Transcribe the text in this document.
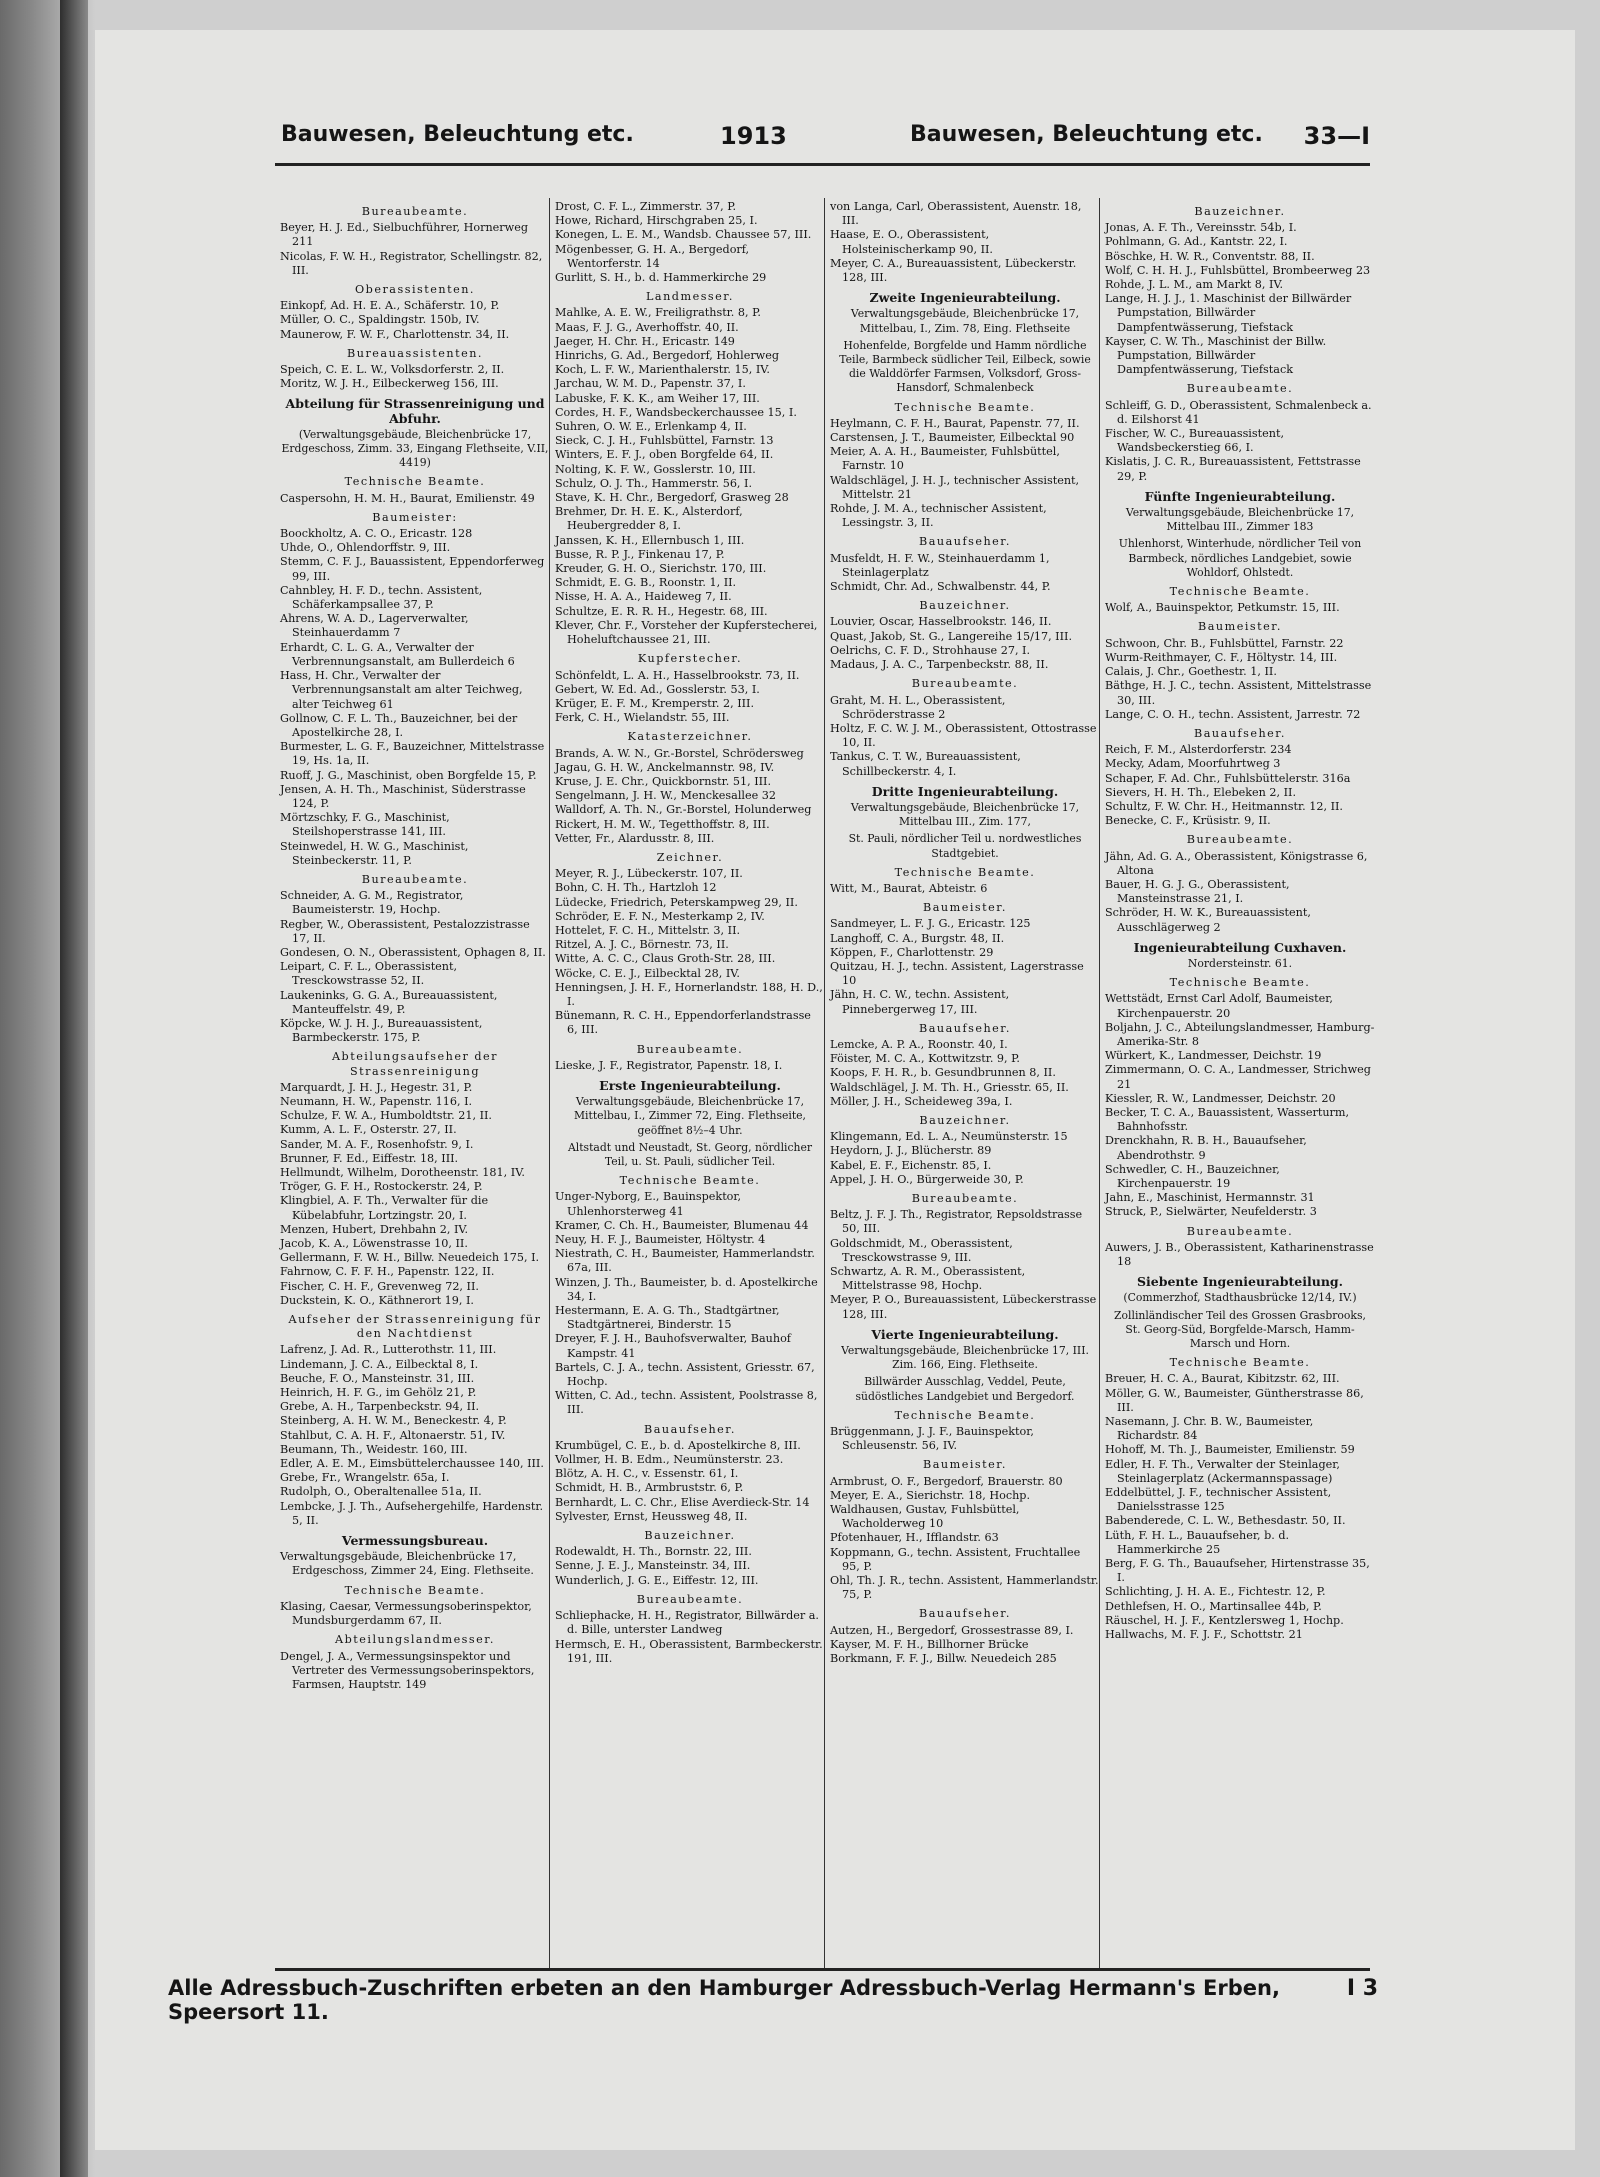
Bauwesen, Beleuchtung etc.	1913	Bauwesen, Beleuchtung etc. 33—I

Bureaubeamte.

Beyer, H. J. Ed., Sielbuchführer, Hornerweg 211

Nicolas, F. W. H., Registrator, Schellingstr. 82, III.

Oberassistenten.

Einkopf, Ad. H. E. A., Schäferstr. 10, P.

Müller, O. C., Spaldingstr. 150b, IV.

Maunerow, F. W. F., Charlottenstr. 34, II.

Bureauassistenten.

Speich, C. E. L. W., Volksdorferstr. 2, II.

Moritz, W. J. H., Eilbeckerweg 156, III.

Abteilung für Strassenreinigung und Abfuhr.

(Verwaltungsgebäude, Bleichenbrücke 17, Erdgeschoss, Zimm. 33, Eingang Flethseite, V.II, 4419)

Technische Beamte.

Caspersohn, H. M. H., Baurat, Emilienstr. 49

Baumeister:

Boockholtz, A. C. O., Ericastr. 128

Uhde, O., Ohlendorffstr. 9, III.

Stemm, C. F. J., Bauassistent, Eppendorferweg 99, III.

Cahnbley, H. F. D., techn. Assistent, Schäferkampsallee 37, P.

Ahrens, W. A. D., Lagerverwalter, Steinhauerdamm 7

Erhardt, C. L. G. A., Verwalter der Verbrennungsanstalt, am Bullerdeich 6

Hass, H. Chr., Verwalter der Verbrennungsanstalt am alter Teichweg, alter Teichweg 61

Gollnow, C. F. L. Th., Bauzeichner, bei der Apostelkirche 28, I.

Burmester, L. G. F., Bauzeichner, Mittelstrasse 19, Hs. 1a, II.

Ruoff, J. G., Maschinist, oben Borgfelde 15, P.

Jensen, A. H. Th., Maschinist, Süderstrasse 124, P.

Mörtzschky, F. G., Maschinist, Steilshoperstrasse 141, III.

Steinwedel, H. W. G., Maschinist, Steinbeckerstr. 11, P.

Bureaubeamte.

Schneider, A. G. M., Registrator, Baumeisterstr. 19, Hochp.

Regber, W., Oberassistent, Pestalozzistrasse 17, II.

Gondesen, O. N., Oberassistent, Ophagen 8, II.

Leipart, C. F. L., Oberassistent, Tresckowstrasse 52, II.

Laukeninks, G. G. A., Bureauassistent, Manteuffelstr. 49, P.

Köpcke, W. J. H. J., Bureauassistent, Barmbeckerstr. 175, P.

Abteilungsaufseher der Strassenreinigung

Marquardt, J. H. J., Hegestr. 31, P.

Neumann, H. W., Papenstr. 116, I.

Schulze, F. W. A., Humboldtstr. 21, II.

Kumm, A. L. F., Osterstr. 27, II.

Sander, M. A. F., Rosenhofstr. 9, I.

Brunner, F. Ed., Eiffestr. 18, III.

Hellmundt, Wilhelm, Dorotheenstr. 181, IV.

Tröger, G. F. H., Rostockerstr. 24, P.

Klingbiel, A. F. Th., Verwalter für die Kübelabfuhr, Lortzingstr. 20, I.

Menzen, Hubert, Drehbahn 2, IV.

Jacob, K. A., Löwenstrasse 10, II.

Gellermann, F. W. H., Billw. Neuedeich 175, I.

Fahrnow, C. F. F. H., Papenstr. 122, II.

Fischer, C. H. F., Grevenweg 72, II.

Duckstein, K. O., Käthnerort 19, I.

Aufseher der Strassenreinigung für den Nachtdienst

Lafrenz, J. Ad. R., Lutterothstr. 11, III.

Lindemann, J. C. A., Eilbecktal 8, I.

Beuche, F. O., Mansteinstr. 31, III.

Heinrich, H. F. G., im Gehölz 21, P.

Grebe, A. H., Tarpenbeckstr. 94, II.

Steinberg, A. H. W. M., Beneckestr. 4, P.

Stahlbut, C. A. H. F., Altonaerstr. 51, IV.

Beumann, Th., Weidestr. 160, III.

Edler, A. E. M., Eimsbüttelerchaussee 140, III.

Grebe, Fr., Wrangelstr. 65a, I.

Rudolph, O., Oberaltenallee 51a, II.

Lembcke, J. J. Th., Aufsehergehilfe, Hardenstr. 5, II.

Vermessungsbureau.

Verwaltungsgebäude, Bleichenbrücke 17, Erdgeschoss, Zimmer 24, Eing. Flethseite.

Technische Beamte.

Klasing, Caesar, Vermessungsoberinspektor, Mundsburgerdamm 67, II.

Abteilungslandmesser.

Dengel, J. A., Vermessungsinspektor und Vertreter des Vermessungsoberinspektors, Farmsen, Hauptstr. 149

Drost, C. F. L., Zimmerstr. 37, P.

Howe, Richard, Hirschgraben 25, I.

Konegen, L. E. M., Wandsb. Chaussee 57, III.

Mögenbesser, G. H. A., Bergedorf, Wentorferstr. 14

Gurlitt, S. H., b. d. Hammerkirche 29

Landmesser.

Mahlke, A. E. W., Freiligrathstr. 8, P.

Maas, F. J. G., Averhoffstr. 40, II.

Jaeger, H. Chr. H., Ericastr. 149

Hinrichs, G. Ad., Bergedorf, Hohlerweg

Koch, L. F. W., Marienthalerstr. 15, IV.

Jarchau, W. M. D., Papenstr. 37, I.

Labuske, F. K. K., am Weiher 17, III.

Cordes, H. F., Wandsbeckerchaussee 15, I.

Suhren, O. W. E., Erlenkamp 4, II.

Sieck, C. J. H., Fuhlsbüttel, Farnstr. 13

Winters, E. F. J., oben Borgfelde 64, II.

Nolting, K. F. W., Gosslerstr. 10, III.

Schulz, O. J. Th., Hammerstr. 56, I.

Stave, K. H. Chr., Bergedorf, Grasweg 28

Brehmer, Dr. H. E. K., Alsterdorf, Heubergredder 8, I.

Janssen, K. H., Ellernbusch 1, III.

Busse, R. P. J., Finkenau 17, P.

Kreuder, G. H. O., Sierichstr. 170, III.

Schmidt, E. G. B., Roonstr. 1, II.

Nisse, H. A. A., Haideweg 7, II.

Schultze, E. R. R. H., Hegestr. 68, III.

Klever, Chr. F., Vorsteher der Kupferstecherei, Hoheluftchaussee 21, III.

Kupferstecher.

Schönfeldt, L. A. H., Hasselbrookstr. 73, II.

Gebert, W. Ed. Ad., Gosslerstr. 53, I.

Krüger, E. F. M., Kremperstr. 2, III.

Ferk, C. H., Wielandstr. 55, III.

Katasterzeichner.

Brands, A. W. N., Gr.-Borstel, Schrödersweg

Jagau, G. H. W., Anckelmannstr. 98, IV.

Kruse, J. E. Chr., Quickbornstr. 51, III.

Sengelmann, J. H. W., Menckesallee 32

Walldorf, A. Th. N., Gr.-Borstel, Holunderweg

Rickert, H. M. W., Tegetthoffstr. 8, III.

Vetter, Fr., Alardusstr. 8, III.

Zeichner.

Meyer, R. J., Lübeckerstr. 107, II.

Bohn, C. H. Th., Hartzloh 12

Lüdecke, Friedrich, Peterskampweg 29, II.

Schröder, E. F. N., Mesterkamp 2, IV.

Hottelet, F. C. H., Mittelstr. 3, II.

Ritzel, A. J. C., Börnestr. 73, II.

Witte, A. C. C., Claus Groth-Str. 28, III.

Wöcke, C. E. J., Eilbecktal 28, IV.

Henningsen, J. H. F., Hornerlandstr. 188, H. D., I.

Bünemann, R. C. H., Eppendorferlandstrasse 6, III.

Bureaubeamte.

Lieske, J. F., Registrator, Papenstr. 18, I.

Erste Ingenieurabteilung.

Verwaltungsgebäude, Bleichenbrücke 17, Mittelbau, I., Zimmer 72, Eing. Flethseite, geöffnet 8½–4 Uhr.

Altstadt und Neustadt, St. Georg, nördlicher Teil, u. St. Pauli, südlicher Teil.

Technische Beamte.

Unger-Nyborg, E., Bauinspektor, Uhlenhorsterweg 41

Kramer, C. Ch. H., Baumeister, Blumenau 44

Neuy, H. F. J., Baumeister, Höltystr. 4

Niestrath, C. H., Baumeister, Hammerlandstr. 67a, III.

Winzen, J. Th., Baumeister, b. d. Apostelkirche 34, I.

Hestermann, E. A. G. Th., Stadtgärtner, Stadtgärtnerei, Binderstr. 15

Dreyer, F. J. H., Bauhofsverwalter, Bauhof Kampstr. 41

Bartels, C. J. A., techn. Assistent, Griesstr. 67, Hochp.

Witten, C. Ad., techn. Assistent, Poolstrasse 8, III.

Bauaufseher.

Krumbügel, C. E., b. d. Apostelkirche 8, III.

Vollmer, H. B. Edm., Neumünsterstr. 23.

Blötz, A. H. C., v. Essenstr. 61, I.

Schmidt, H. B., Armbruststr. 6, P.

Bernhardt, L. C. Chr., Elise Averdieck-Str. 14

Sylvester, Ernst, Heussweg 48, II.

Bauzeichner.

Rodewaldt, H. Th., Bornstr. 22, III.

Senne, J. E. J., Mansteinstr. 34, III.

Wunderlich, J. G. E., Eiffestr. 12, III.

Bureaubeamte.

Schliephacke, H. H., Registrator, Billwärder a. d. Bille, unterster Landweg

Hermsch, E. H., Oberassistent, Barmbeckerstr. 191, III.

von Langa, Carl, Oberassistent, Auenstr. 18, III.

Haase, E. O., Oberassistent, Holsteinischerkamp 90, II.

Meyer, C. A., Bureauassistent, Lübeckerstr. 128, III.

Zweite Ingenieurabteilung.

Verwaltungsgebäude, Bleichenbrücke 17, Mittelbau, I., Zim. 78, Eing. Flethseite

Hohenfelde, Borgfelde und Hamm nördliche Teile, Barmbeck südlicher Teil, Eilbeck, sowie die Walddörfer Farmsen, Volksdorf, Gross-Hansdorf, Schmalenbeck

Technische Beamte.

Heylmann, C. F. H., Baurat, Papenstr. 77, II.

Carstensen, J. T., Baumeister, Eilbecktal 90

Meier, A. A. H., Baumeister, Fuhlsbüttel, Farnstr. 10

Waldschlägel, J. H. J., technischer Assistent, Mittelstr. 21

Rohde, J. M. A., technischer Assistent, Lessingstr. 3, II.

Bauaufseher.

Musfeldt, H. F. W., Steinhauerdamm 1, Steinlagerplatz

Schmidt, Chr. Ad., Schwalbenstr. 44, P.

Bauzeichner.

Louvier, Oscar, Hasselbrookstr. 146, II.

Quast, Jakob, St. G., Langereihe 15/17, III.

Oelrichs, C. F. D., Strohhause 27, I.

Madaus, J. A. C., Tarpenbeckstr. 88, II.

Bureaubeamte.

Graht, M. H. L., Oberassistent, Schröderstrasse 2

Holtz, F. C. W. J. M., Oberassistent, Ottostrasse 10, II.

Tankus, C. T. W., Bureauassistent, Schillbeckerstr. 4, I.

Dritte Ingenieurabteilung.

Verwaltungsgebäude, Bleichenbrücke 17, Mittelbau III., Zim. 177,

St. Pauli, nördlicher Teil u. nordwestliches Stadtgebiet.

Technische Beamte.

Witt, M., Baurat, Abteistr. 6

Baumeister.

Sandmeyer, L. F. J. G., Ericastr. 125

Langhoff, C. A., Burgstr. 48, II.

Köppen, F., Charlottenstr. 29

Quitzau, H. J., techn. Assistent, Lagerstrasse 10

Jähn, H. C. W., techn. Assistent, Pinnebergerweg 17, III.

Bauaufseher.

Lemcke, A. P. A., Roonstr. 40, I.

Föister, M. C. A., Kottwitzstr. 9, P.

Koops, F. H. R., b. Gesundbrunnen 8, II.

Waldschlägel, J. M. Th. H., Griesstr. 65, II.

Möller, J. H., Scheideweg 39a, I.

Bauzeichner.

Klingemann, Ed. L. A., Neumünsterstr. 15

Heydorn, J. J., Blücherstr. 89

Kabel, E. F., Eichenstr. 85, I.

Appel, J. H. O., Bürgerweide 30, P.

Bureaubeamte.

Beltz, J. F. J. Th., Registrator, Repsoldstrasse 50, III.

Goldschmidt, M., Oberassistent, Tresckowstrasse 9, III.

Schwartz, A. R. M., Oberassistent, Mittelstrasse 98, Hochp.

Meyer, P. O., Bureauassistent, Lübeckerstrasse 128, III.

Vierte Ingenieurabteilung.

Verwaltungsgebäude, Bleichenbrücke 17, III. Zim. 166, Eing. Flethseite.

Billwärder Ausschlag, Veddel, Peute, südöstliches Landgebiet und Bergedorf.

Technische Beamte.

Brüggenmann, J. J. F., Bauinspektor, Schleusenstr. 56, IV.

Baumeister.

Armbrust, O. F., Bergedorf, Brauerstr. 80

Meyer, E. A., Sierichstr. 18, Hochp.

Waldhausen, Gustav, Fuhlsbüttel, Wacholderweg 10

Pfotenhauer, H., Ifflandstr. 63

Koppmann, G., techn. Assistent, Fruchtallee 95, P.

Ohl, Th. J. R., techn. Assistent, Hammerlandstr. 75, P.

Bauaufseher.

Autzen, H., Bergedorf, Grossestrasse 89, I.

Kayser, M. F. H., Billhorner Brücke

Borkmann, F. F. J., Billw. Neuedeich 285

Bauzeichner.

Jonas, A. F. Th., Vereinsstr. 54b, I.

Pohlmann, G. Ad., Kantstr. 22, I.

Böschke, H. W. R., Conventstr. 88, II.

Wolf, C. H. H. J., Fuhlsbüttel, Brombeerweg 23

Rohde, J. L. M., am Markt 8, IV.

Lange, H. J. J., 1. Maschinist der Billwärder Pumpstation, Billwärder Dampfentwässerung, Tiefstack

Kayser, C. W. Th., Maschinist der Billw. Pumpstation, Billwärder Dampfentwässerung, Tiefstack

Bureaubeamte.

Schleiff, G. D., Oberassistent, Schmalenbeck a. d. Eilshorst 41

Fischer, W. C., Bureauassistent, Wandsbeckerstieg 66, I.

Kislatis, J. C. R., Bureauassistent, Fettstrasse 29, P.

Fünfte Ingenieurabteilung.

Verwaltungsgebäude, Bleichenbrücke 17, Mittelbau III., Zimmer 183

Uhlenhorst, Winterhude, nördlicher Teil von Barmbeck, nördliches Landgebiet, sowie Wohldorf, Ohlstedt.

Technische Beamte.

Wolf, A., Bauinspektor, Petkumstr. 15, III.

Baumeister.

Schwoon, Chr. B., Fuhlsbüttel, Farnstr. 22

Wurm-Reithmayer, C. F., Höltystr. 14, III.

Calais, J. Chr., Goethestr. 1, II.

Bäthge, H. J. C., techn. Assistent, Mittelstrasse 30, III.

Lange, C. O. H., techn. Assistent, Jarrestr. 72

Bauaufseher.

Reich, F. M., Alsterdorferstr. 234

Mecky, Adam, Moorfuhrtweg 3

Schaper, F. Ad. Chr., Fuhlsbüttelerstr. 316a

Sievers, H. H. Th., Elebeken 2, II.

Schultz, F. W. Chr. H., Heitmannstr. 12, II.

Benecke, C. F., Krüsistr. 9, II.

Bureaubeamte.

Jähn, Ad. G. A., Oberassistent, Königstrasse 6, Altona

Bauer, H. G. J. G., Oberassistent, Mansteinstrasse 21, I.

Schröder, H. W. K., Bureauassistent, Ausschlägerweg 2

Ingenieurabteilung Cuxhaven.

Nordersteinstr. 61.

Technische Beamte.

Wettstädt, Ernst Carl Adolf, Baumeister, Kirchenpauerstr. 20

Boljahn, J. C., Abteilungslandmesser, Hamburg-Amerika-Str. 8

Würkert, K., Landmesser, Deichstr. 19

Zimmermann, O. C. A., Landmesser, Strichweg 21

Kiessler, R. W., Landmesser, Deichstr. 20

Becker, T. C. A., Bauassistent, Wasserturm, Bahnhofsstr.

Drenckhahn, R. B. H., Bauaufseher, Abendrothstr. 9

Schwedler, C. H., Bauzeichner, Kirchenpauerstr. 19

Jahn, E., Maschinist, Hermannstr. 31

Struck, P., Sielwärter, Neufelderstr. 3

Bureaubeamte.

Auwers, J. B., Oberassistent, Katharinenstrasse 18

Siebente Ingenieurabteilung.

(Commerzhof, Stadthausbrücke 12/14, IV.)

Zollinländischer Teil des Grossen Grasbrooks, St. Georg-Süd, Borgfelde-Marsch, Hamm-Marsch und Horn.

Technische Beamte.

Breuer, H. C. A., Baurat, Kibitzstr. 62, III.

Möller, G. W., Baumeister, Güntherstrasse 86, III.

Nasemann, J. Chr. B. W., Baumeister, Richardstr. 84

Hohoff, M. Th. J., Baumeister, Emilienstr. 59

Edler, H. F. Th., Verwalter der Steinlager, Steinlagerplatz (Ackermannspassage)

Eddelbüttel, J. F., technischer Assistent, Danielsstrasse 125

Babenderede, C. L. W., Bethesdastr. 50, II.

Lüth, F. H. L., Bauaufseher, b. d. Hammerkirche 25

Berg, F. G. Th., Bauaufseher, Hirtenstrasse 35, I.

Schlichting, J. H. A. E., Fichtestr. 12, P.

Dethlefsen, H. O., Martinsallee 44b, P.

Räuschel, H. J. F., Kentzlersweg 1, Hochp.

Hallwachs, M. F. J. F., Schottstr. 21

Alle Adressbuch-Zuschriften erbeten an den Hamburger Adressbuch-Verlag Hermann's Erben, Speersort 11.
I 3
